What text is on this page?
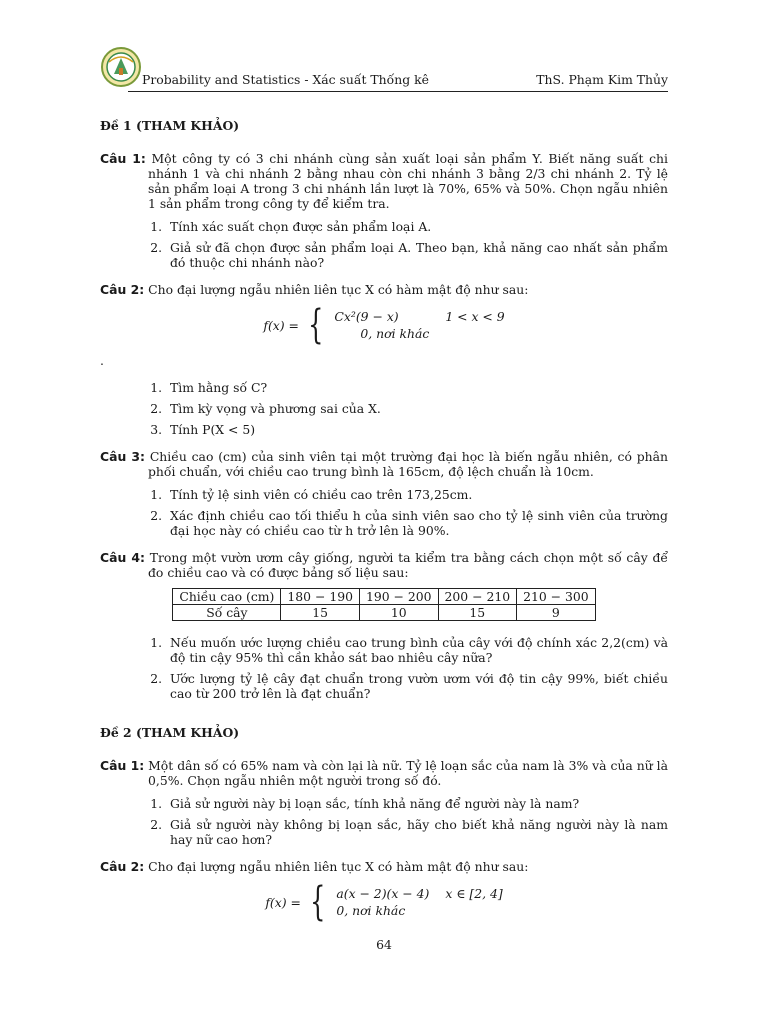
Probability and Statistics - Xác suất Thống kê	ThS. Phạm Kim Thủy
Đề 1 (THAM KHẢO)
Câu 1: Một công ty có 3 chi nhánh cùng sản xuất loại sản phẩm Y. Biết năng suất chi nhánh 1 và chi nhánh 2 bằng nhau còn chi nhánh 3 bằng 2/3 chi nhánh 2. Tỷ lệ sản phẩm loại A trong 3 chi nhánh lần lượt là 70%, 65% và 50%. Chọn ngẫu nhiên 1 sản phẩm trong công ty để kiểm tra.
1. Tính xác suất chọn được sản phẩm loại A.
2. Giả sử đã chọn được sản phẩm loại A. Theo bạn, khả năng cao nhất sản phẩm đó thuộc chi nhánh nào?
Câu 2: Cho đại lượng ngẫu nhiên liên tục X có hàm mật độ như sau:
f(x) = { Cx²(9 − x)	1 < x < 9
0, nơi khác
.
1. Tìm hằng số C?
2. Tìm kỳ vọng và phương sai của X.
3. Tính P(X < 5)
Câu 3: Chiều cao (cm) của sinh viên tại một trường đại học là biến ngẫu nhiên, có phân phối chuẩn, với chiều cao trung bình là 165cm, độ lệch chuẩn là 10cm.
1. Tính tỷ lệ sinh viên có chiều cao trên 173,25cm.
2. Xác định chiều cao tối thiểu h của sinh viên sao cho tỷ lệ sinh viên của trường đại học này có chiều cao từ h trở lên là 90%.
Câu 4: Trong một vườn ươm cây giống, người ta kiểm tra bằng cách chọn một số cây để đo chiều cao và có được bảng số liệu sau:
Chiều cao (cm)	180 − 190	190 − 200	200 − 210	210 − 300
Số cây	15	10	15	9
1. Nếu muốn ước lượng chiều cao trung bình của cây với độ chính xác 2,2(cm) và độ tin cậy 95% thì cần khảo sát bao nhiêu cây nữa?
2. Ước lượng tỷ lệ cây đạt chuẩn trong vườn ươm với độ tin cậy 99%, biết chiều cao từ 200 trở lên là đạt chuẩn?
Đề 2 (THAM KHẢO)
Câu 1: Một dân số có 65% nam và còn lại là nữ. Tỷ lệ loạn sắc của nam là 3% và của nữ là 0,5%. Chọn ngẫu nhiên một người trong số đó.
1. Giả sử người này bị loạn sắc, tính khả năng để người này là nam?
2. Giả sử người này không bị loạn sắc, hãy cho biết khả năng người này là nam hay nữ cao hơn?
Câu 2: Cho đại lượng ngẫu nhiên liên tục X có hàm mật độ như sau:
f(x) = { a(x − 2)(x − 4) x ∈ [2, 4]
0, nơi khác
64
